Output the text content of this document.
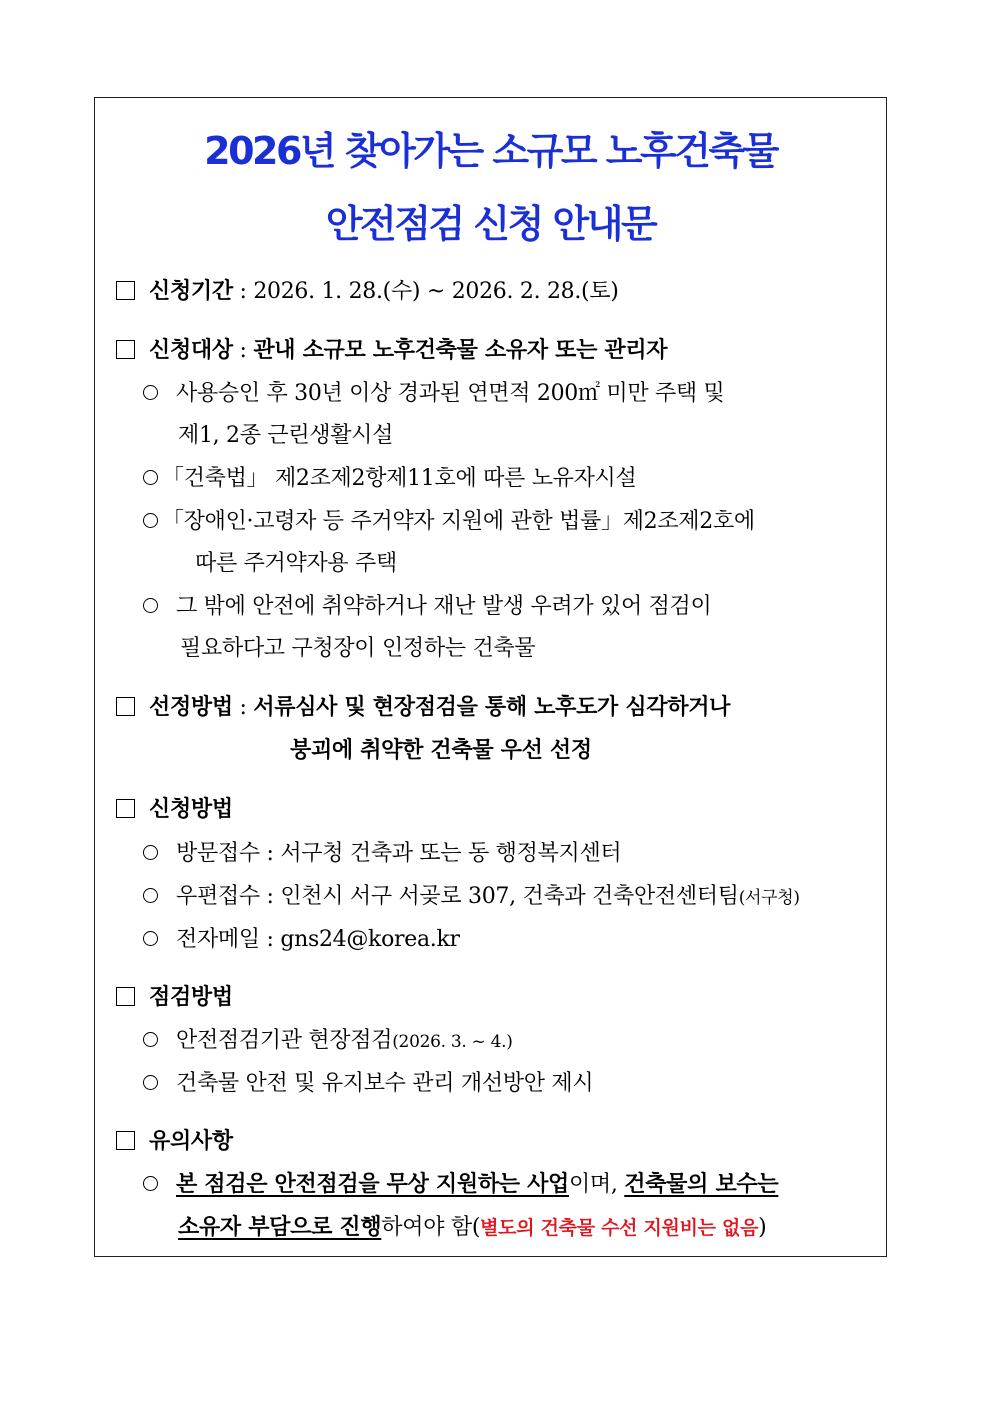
2026년 찾아가는 소규모 노후건축물
안전점검 신청 안내문
신청기간 : 2026. 1. 28.(수) ~ 2026. 2. 28.(토)
신청대상 : 관내 소규모 노후건축물 소유자 또는 관리자
사용승인 후 30년 이상 경과된 연면적 200㎡ 미만 주택 및
제1, 2종 근린생활시설
「건축법」 제2조제2항제11호에 따른 노유자시설
「장애인·고령자 등 주거약자 지원에 관한 법률」제2조제2호에
따른 주거약자용 주택
그 밖에 안전에 취약하거나 재난 발생 우려가 있어 점검이
필요하다고 구청장이 인정하는 건축물
선정방법 : 서류심사 및 현장점검을 통해 노후도가 심각하거나
붕괴에 취약한 건축물 우선 선정
신청방법
방문접수 : 서구청 건축과 또는 동 행정복지센터
우편접수 : 인천시 서구 서곶로 307, 건축과 건축안전센터팀(서구청)
전자메일 : gns24@korea.kr
점검방법
안전점검기관 현장점검(2026. 3. ~ 4.)
건축물 안전 및 유지보수 관리 개선방안 제시
유의사항
본 점검은 안전점검을 무상 지원하는 사업이며, 건축물의 보수는
소유자 부담으로 진행하여야 함(별도의 건축물 수선 지원비는 없음)
